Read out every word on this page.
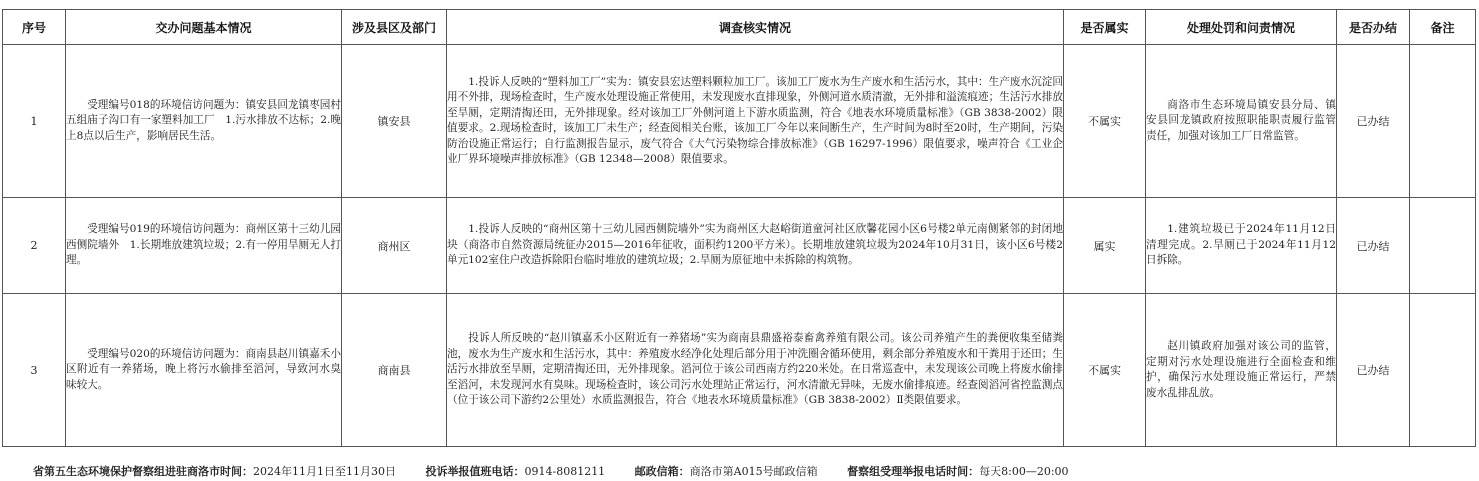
序号	交办问题基本情况	涉及县区及部门	调查核实情况	是否属实	处理处罚和问责情况	是否办结	备注
1	受理编号018的环境信访问题为：镇安县回龙镇枣园村五组庙子沟口有一家塑料加工厂　1.污水排放不达标；2.晚上8点以后生产，影响居民生活。	镇安县	1.投诉人反映的“塑料加工厂”实为：镇安县宏达塑料颗粒加工厂。该加工厂废水为生产废水和生活污水，其中：生产废水沉淀回用不外排，现场检查时，生产废水处理设施正常使用，未发现废水直排现象，外侧河道水质清澈，无外排和溢流痕迹；生活污水排放至旱厕，定期清掏还田，无外排现象。经对该加工厂外侧河道上下游水质监测，符合《地表水环境质量标准》（GB 3838-2002）限值要求。2.现场检查时，该加工厂未生产；经查阅相关台账，该加工厂今年以来间断生产，生产时间为8时至20时，生产期间，污染防治设施正常运行；自行监测报告显示，废气符合《大气污染物综合排放标准》（GB 16297-1996）限值要求，噪声符合《工业企业厂界环境噪声排放标准》（GB 12348—2008）限值要求。	不属实	商洛市生态环境局镇安县分局、镇安县回龙镇政府按照职能职责履行监管责任，加强对该加工厂日常监管。	已办结	
2	受理编号019的环境信访问题为：商州区第十三幼儿园西侧院墙外　1.长期堆放建筑垃圾；2.有一停用旱厕无人打理。	商州区	1.投诉人反映的“商州区第十三幼儿园西侧院墙外”实为商州区大赵峪街道童河社区欣馨花园小区6号楼2单元南侧紧邻的封闭地块（商洛市自然资源局统征办2015—2016年征收，面积约1200平方米）。长期堆放建筑垃圾为2024年10月31日，该小区6号楼2单元102室住户改造拆除阳台临时堆放的建筑垃圾；2.旱厕为原征地中未拆除的构筑物。	属实	1.建筑垃圾已于2024年11月12日清理完成。2.旱厕已于2024年11月12日拆除。	已办结	
3	受理编号020的环境信访问题为：商南县赵川镇嘉禾小区附近有一养猪场，晚上将污水偷排至滔河，导致河水臭味较大。	商南县	投诉人所反映的“赵川镇嘉禾小区附近有一养猪场”实为商南县鼎盛裕泰畜禽养殖有限公司。该公司养殖产生的粪便收集至储粪池，废水为生产废水和生活污水，其中：养殖废水经净化处理后部分用于冲洗圈舍循环使用，剩余部分养殖废水和干粪用于还田；生活污水排放至旱厕，定期清掏还田，无外排现象。滔河位于该公司西南方约220米处。在日常巡查中，未发现该公司晚上将废水偷排至滔河，未发现河水有臭味。现场检查时，该公司污水处理站正常运行，河水清澈无异味，无废水偷排痕迹。经查阅滔河省控监测点（位于该公司下游约2公里处）水质监测报告，符合《地表水环境质量标准》（GB 3838-2002）Ⅱ类限值要求。	不属实	赵川镇政府加强对该公司的监管，定期对污水处理设施进行全面检查和维护，确保污水处理设施正常运行，严禁废水乱排乱放。	已办结	
省第五生态环境保护督察组进驻商洛市时间：2024年11月1日至11月30日	投诉举报值班电话：0914-8081211	邮政信箱：商洛市第A015号邮政信箱	督察组受理举报电话时间：每天8:00—20:00
